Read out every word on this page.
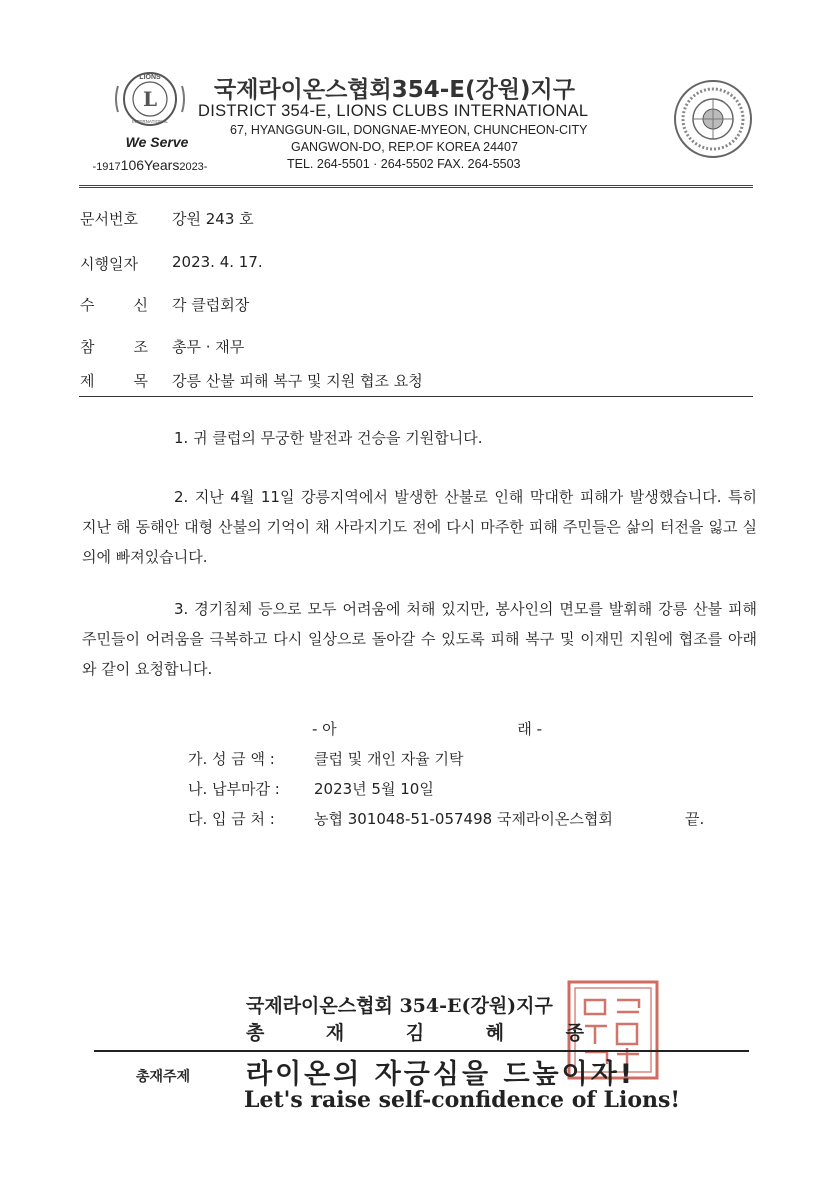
L
LIONS
INTERNATIONAL
We Serve
-1917106Years2023-
국제라이온스협회354-E(강원)지구
DISTRICT 354-E, LIONS CLUBS INTERNATIONAL
67, HYANGGUN-GIL, DONGNAE-MYEON, CHUNCHEON-CITY
GANGWON-DO, REP.OF KOREA 24407
TEL. 264-5501 · 264-5502 FAX. 264-5503
문서번호 강원 243 호
시행일자 2023. 4. 17.
수	신 각 클럽회장
참	조 총무 · 재무
제	목 강릉 산불 피해 복구 및 지원 협조 요청
1. 귀 클럽의 무궁한 발전과 건승을 기원합니다.
2. 지난 4월 11일 강릉지역에서 발생한 산불로 인해 막대한 피해가 발생했습니다. 특히 지난 해 동해안 대형 산불의 기억이 채 사라지기도 전에 다시 마주한 피해 주민들은 삶의 터전을 잃고 실의에 빠져있습니다.
3. 경기침체 등으로 모두 어려움에 처해 있지만, 봉사인의 면모를 발휘해 강릉 산불 피해 주민들이 어려움을 극복하고 다시 일상으로 돌아갈 수 있도록 피해 복구 및 이재민 지원에 협조를 아래와 같이 요청합니다.
- 아	래 -
가. 성 금 액 :	클럽 및 개인 자율 기탁
나. 납부마감 : 2023년 5월 10일
다. 입 금 처 :	농협 301048-51-057498 국제라이온스협회	끝.
국제라이온스협회 354-E(강원)지구
총	재	김	혜	종
총재주제 라이온의 자긍심을 드높이자!
Let's raise self-confidence of Lions!
